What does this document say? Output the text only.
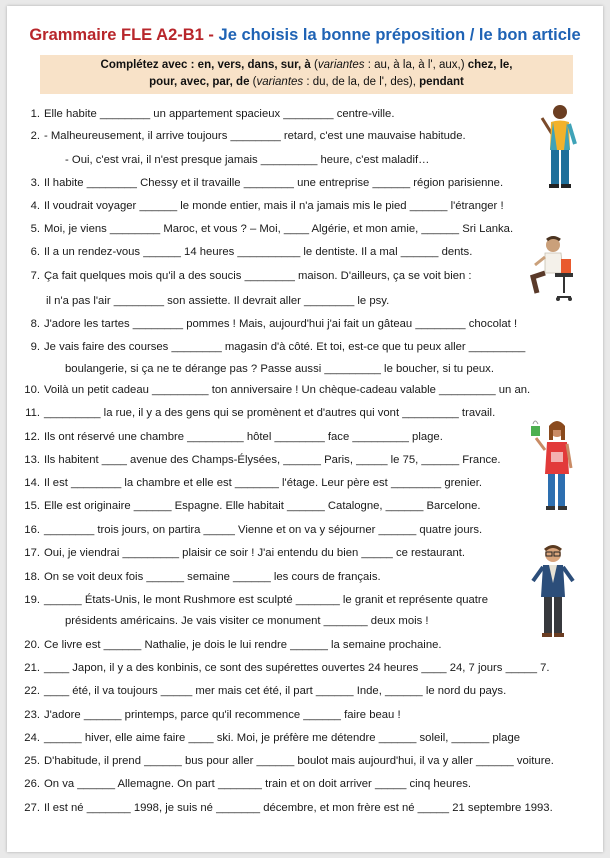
Grammaire FLE A2-B1 - Je choisis la bonne préposition / le bon article
Complétez avec : en, vers, dans, sur, à (variantes : au, à la, à l', aux,) chez, le,
pour, avec, par, de (variantes : du, de la, de l', des), pendant
1. Elle habite ________ un appartement spacieux ________ centre-ville.
2. - Malheureusement, il arrive toujours ________ retard, c'est une mauvaise habitude.
- Oui, c'est vrai, il n'est presque jamais _________ heure, c'est maladif…
3. Il habite ________ Chessy et il travaille ________ une entreprise ______ région parisienne.
4. Il voudrait voyager ______ le monde entier, mais il n'a jamais mis le pied ______ l'étranger !
5. Moi, je viens ________ Maroc, et vous ? – Moi, ____ Algérie, et mon amie, ______ Sri Lanka.
6. Il a un rendez-vous ______ 14 heures __________ le dentiste. Il a mal ______ dents.
7. Ça fait quelques mois qu'il a des soucis ________ maison. D'ailleurs, ça se voit bien :
il n'a pas l'air ________ son assiette. Il devrait aller ________ le psy.
8. J'adore les tartes ________ pommes ! Mais, aujourd'hui j'ai fait un gâteau ________ chocolat !
9. Je vais faire des courses ________ magasin d'à côté. Et toi, est-ce que tu peux aller _________
boulangerie, si ça ne te dérange pas ? Passe aussi _________ le boucher, si tu peux.
10. Voilà un petit cadeau _________ ton anniversaire ! Un chèque-cadeau valable _________ un an.
11. _________ la rue, il y a des gens qui se promènent et d'autres qui vont _________ travail.
12. Ils ont réservé une chambre _________ hôtel ________ face _________ plage.
13. Ils habitent ____ avenue des Champs-Élysées, ______ Paris, _____ le 75, ______ France.
14. Il est ________ la chambre et elle est _______ l'étage. Leur père est ________ grenier.
15. Elle est originaire ______ Espagne. Elle habitait ______ Catalogne, ______ Barcelone.
16. ________ trois jours, on partira _____ Vienne et on va y séjourner ______ quatre jours.
17. Oui, je viendrai _________ plaisir ce soir ! J'ai entendu du bien _____ ce restaurant.
18. On se voit deux fois ______ semaine ______ les cours de français.
19. ______ États-Unis, le mont Rushmore est sculpté _______ le granit et représente quatre
présidents américains. Je vais visiter ce monument _______ deux mois !
20. Ce livre est ______ Nathalie, je dois le lui rendre ______ la semaine prochaine.
21. ____ Japon, il y a des konbinis, ce sont des supérettes ouvertes 24 heures ____ 24, 7 jours _____ 7.
22. ____ été, il va toujours _____ mer mais cet été, il part ______ Inde, ______ le nord du pays.
23. J'adore ______ printemps, parce qu'il recommence ______ faire beau !
24. ______ hiver, elle aime faire ____ ski. Moi, je préfère me détendre ______ soleil, ______ plage
25. D'habitude, il prend ______ bus pour aller ______ boulot mais aujourd'hui, il va y aller ______ voiture.
26. On va ______ Allemagne. On part _______ train et on doit arriver _____ cinq heures.
27. Il est né _______ 1998, je suis né _______ décembre, et mon frère est né _____ 21 septembre 1993.
